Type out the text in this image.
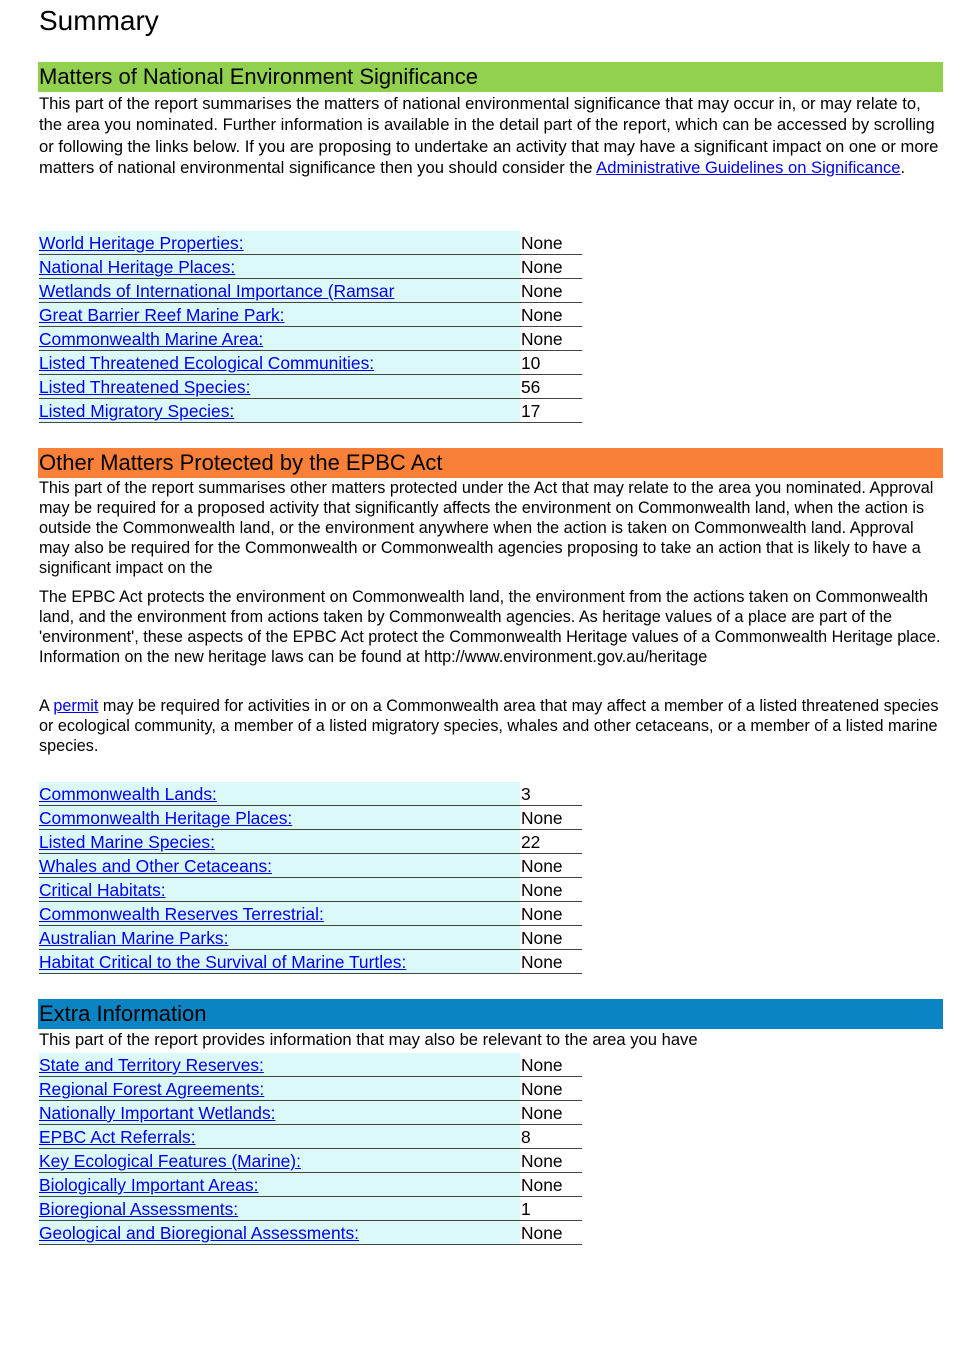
Summary
Matters of National Environment Significance
This part of the report summarises the matters of national environmental significance that may occur in, or may relate to, the area you nominated. Further information is available in the detail part of the report, which can be accessed by scrolling or following the links below. If you are proposing to undertake an activity that may have a significant impact on one or more matters of national environmental significance then you should consider the Administrative Guidelines on Significance.
World Heritage Properties:	None
National Heritage Places:	None
Wetlands of International Importance (Ramsar	None
Great Barrier Reef Marine Park:	None
Commonwealth Marine Area:	None
Listed Threatened Ecological Communities:	10
Listed Threatened Species:	56
Listed Migratory Species:	17
Other Matters Protected by the EPBC Act
This part of the report summarises other matters protected under the Act that may relate to the area you nominated. Approval may be required for a proposed activity that significantly affects the environment on Commonwealth land, when the action is outside the Commonwealth land, or the environment anywhere when the action is taken on Commonwealth land. Approval may also be required for the Commonwealth or Commonwealth agencies proposing to take an action that is likely to have a significant impact on the
The EPBC Act protects the environment on Commonwealth land, the environment from the actions taken on Commonwealth land, and the environment from actions taken by Commonwealth agencies. As heritage values of a place are part of the 'environment', these aspects of the EPBC Act protect the Commonwealth Heritage values of a Commonwealth Heritage place. Information on the new heritage laws can be found at http://www.environment.gov.au/heritage
A permit may be required for activities in or on a Commonwealth area that may affect a member of a listed threatened species or ecological community, a member of a listed migratory species, whales and other cetaceans, or a member of a listed marine species.
Commonwealth Lands:	3
Commonwealth Heritage Places:	None
Listed Marine Species:	22
Whales and Other Cetaceans:	None
Critical Habitats:	None
Commonwealth Reserves Terrestrial:	None
Australian Marine Parks:	None
Habitat Critical to the Survival of Marine Turtles:	None
Extra Information
This part of the report provides information that may also be relevant to the area you have
State and Territory Reserves:	None
Regional Forest Agreements:	None
Nationally Important Wetlands:	None
EPBC Act Referrals:	8
Key Ecological Features (Marine):	None
Biologically Important Areas:	None
Bioregional Assessments:	1
Geological and Bioregional Assessments:	None
